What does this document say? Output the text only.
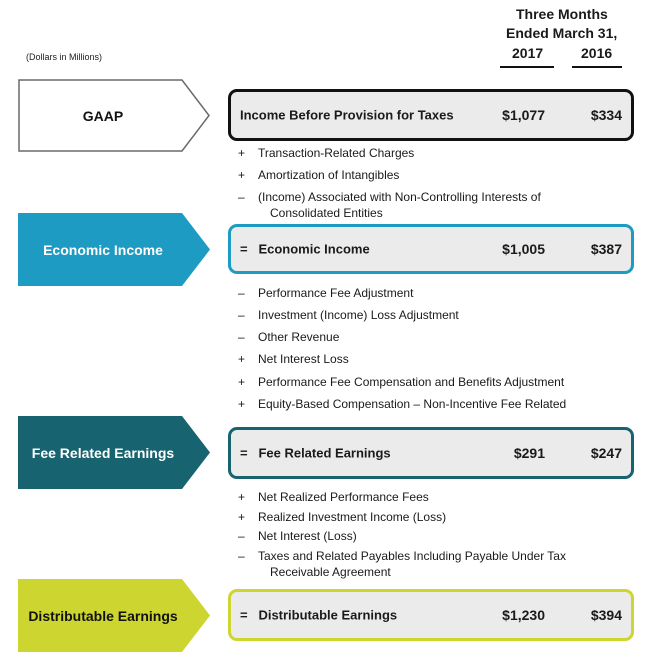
Three Months
Ended March 31,
2017	2016
(Dollars in Millions)
GAAP	Income Before Provision for Taxes	$1,077	$334
+ Transaction-Related Charges
+ Amortization of Intangibles
– (Income) Associated with Non-Controlling Interests of
Consolidated Entities
Economic Income	= Economic Income	$1,005	$387
– Performance Fee Adjustment
– Investment (Income) Loss Adjustment
– Other Revenue
+ Net Interest Loss
+ Performance Fee Compensation and Benefits Adjustment
+ Equity-Based Compensation – Non-Incentive Fee Related
Fee Related Earnings	= Fee Related Earnings	$291	$247
+ Net Realized Performance Fees
+ Realized Investment Income (Loss)
– Net Interest (Loss)
– Taxes and Related Payables Including Payable Under Tax
Receivable Agreement
Distributable Earnings	= Distributable Earnings	$1,230	$394
